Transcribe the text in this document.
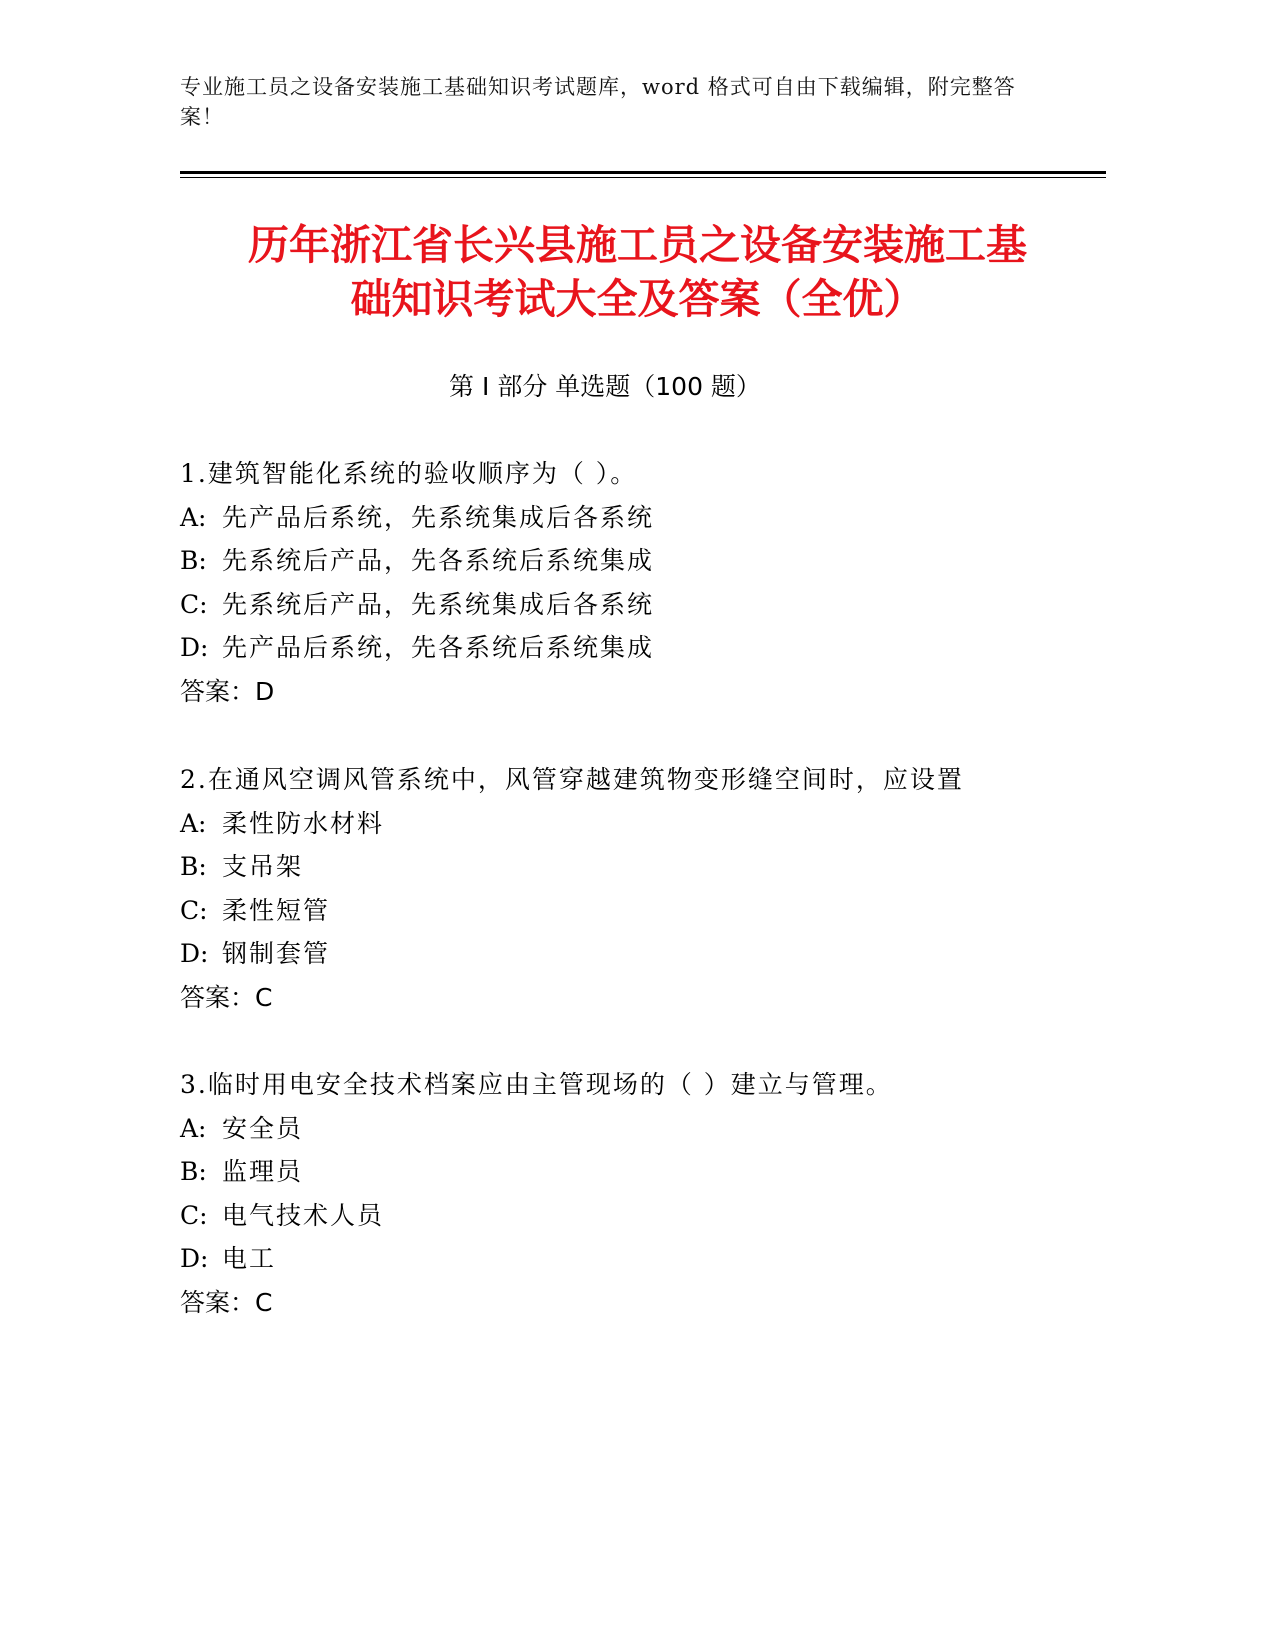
专业施工员之设备安装施工基础知识考试题库，word 格式可自由下载编辑，附完整答案！
历年浙江省长兴县施工员之设备安装施工基
础知识考试大全及答案（全优）
第 I 部分 单选题（100 题）
1.建筑智能化系统的验收顺序为（ ）。
A: 先产品后系统，先系统集成后各系统
B: 先系统后产品，先各系统后系统集成
C: 先系统后产品，先系统集成后各系统
D: 先产品后系统，先各系统后系统集成
答案：D
2.在通风空调风管系统中，风管穿越建筑物变形缝空间时，应设置
A: 柔性防水材料
B: 支吊架
C: 柔性短管
D: 钢制套管
答案：C
3.临时用电安全技术档案应由主管现场的（ ）建立与管理。
A: 安全员
B: 监理员
C: 电气技术人员
D: 电工
答案：C
